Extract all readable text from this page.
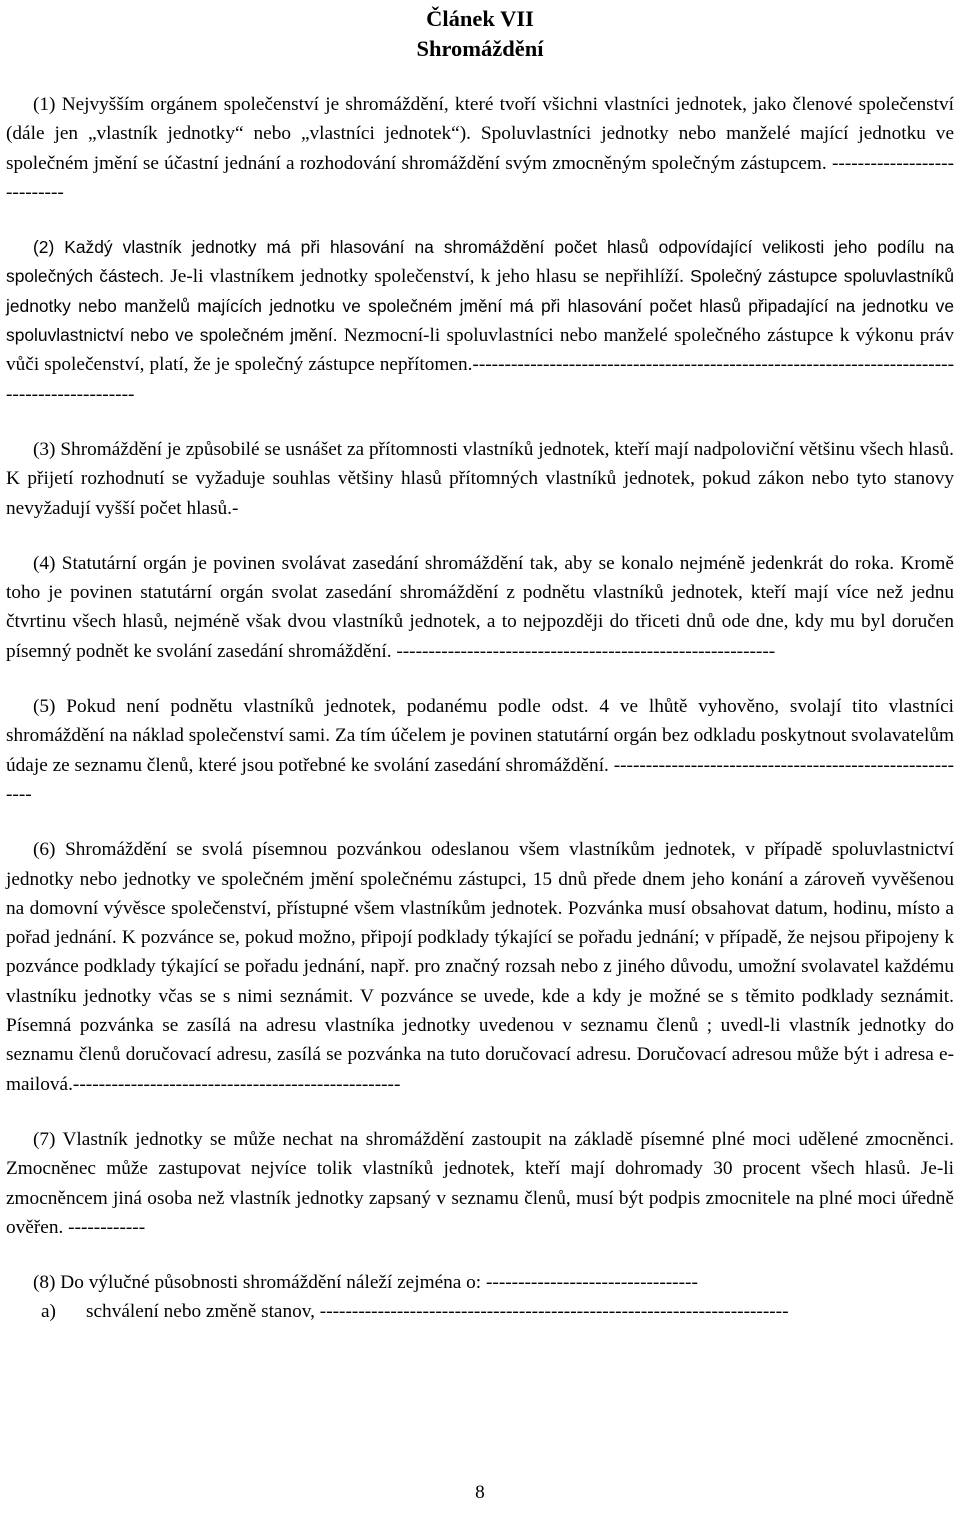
Článek VII
Shromáždění

(1) Nejvyšším orgánem společenství je shromáždění, které tvoří všichni vlastníci jednotek, jako členové společenství (dále jen „vlastník jednotky“ nebo „vlastníci jednotek“). Spoluvlastníci jednotky nebo manželé mající jednotku ve společném jmění se účastní jednání a rozhodování shromáždění svým zmocněným společným zástupcem. ----------------------------

(2) Každý vlastník jednotky má při hlasování na shromáždění počet hlasů odpovídající velikosti jeho podílu na společných částech. Je-li vlastníkem jednotky společenství, k jeho hlasu se nepřihlíží. Společný zástupce spoluvlastníků jednotky nebo manželů majících jednotku ve společném jmění má při hlasování počet hlasů připadající na jednotku ve spoluvlastnictví nebo ve společném jmění. Nezmocní-li spoluvlastníci nebo manželé společného zástupce k výkonu práv vůči společenství, platí, že je společný zástupce nepřítomen.-----------------------------------------------------------------------------------------------

(3) Shromáždění je způsobilé se usnášet za přítomnosti vlastníků jednotek, kteří mají nadpoloviční většinu všech hlasů. K přijetí rozhodnutí se vyžaduje souhlas většiny hlasů přítomných vlastníků jednotek, pokud zákon nebo tyto stanovy nevyžadují vyšší počet hlasů.-

(4) Statutární orgán je povinen svolávat zasedání shromáždění tak, aby se konalo nejméně jedenkrát do roka. Kromě toho je povinen statutární orgán svolat zasedání shromáždění z podnětu vlastníků jednotek, kteří mají více než jednu čtvrtinu všech hlasů, nejméně však dvou vlastníků jednotek, a to nejpozději do třiceti dnů ode dne, kdy mu byl doručen písemný podnět ke svolání zasedání shromáždění. -----------------------------------------------------------

(5) Pokud není podnětu vlastníků jednotek, podanému podle odst. 4 ve lhůtě vyhověno, svolají tito vlastníci shromáždění na náklad společenství sami. Za tím účelem je povinen statutární orgán bez odkladu poskytnout svolavatelům údaje ze seznamu členů, které jsou potřebné ke svolání zasedání shromáždění. ---------------------------------------------------------

(6) Shromáždění se svolá písemnou pozvánkou odeslanou všem vlastníkům jednotek, v případě spoluvlastnictví jednotky nebo jednotky ve společném jmění společnému zástupci, 15 dnů přede dnem jeho konání a zároveň vyvěšenou na domovní vývěsce společenství, přístupné všem vlastníkům jednotek. Pozvánka musí obsahovat datum, hodinu, místo a pořad jednání. K pozvánce se, pokud možno, připojí podklady týkající se pořadu jednání; v případě, že nejsou připojeny k pozvánce podklady týkající se pořadu jednání, např. pro značný rozsah nebo z jiného důvodu, umožní svolavatel každému vlastníku jednotky včas se s nimi seznámit. V pozvánce se uvede, kde a kdy je možné se s těmito podklady seznámit. Písemná pozvánka se zasílá na adresu vlastníka jednotky uvedenou v seznamu členů ; uvedl-li vlastník jednotky do seznamu členů doručovací adresu, zasílá se pozvánka na tuto doručovací adresu. Doručovací adresou může být i adresa e-mailová.---------------------------------------------------

(7) Vlastník jednotky se může nechat na shromáždění zastoupit na základě písemné plné moci udělené zmocněnci. Zmocněnec může zastupovat nejvíce tolik vlastníků jednotek, kteří mají dohromady 30 procent všech hlasů. Je-li zmocněncem jiná osoba než vlastník jednotky zapsaný v seznamu členů, musí být podpis zmocnitele na plné moci úředně ověřen. ------------

(8) Do výlučné působnosti shromáždění náleží zejména o: ---------------------------------

a) schválení nebo změně stanov, -------------------------------------------------------------------------

8
